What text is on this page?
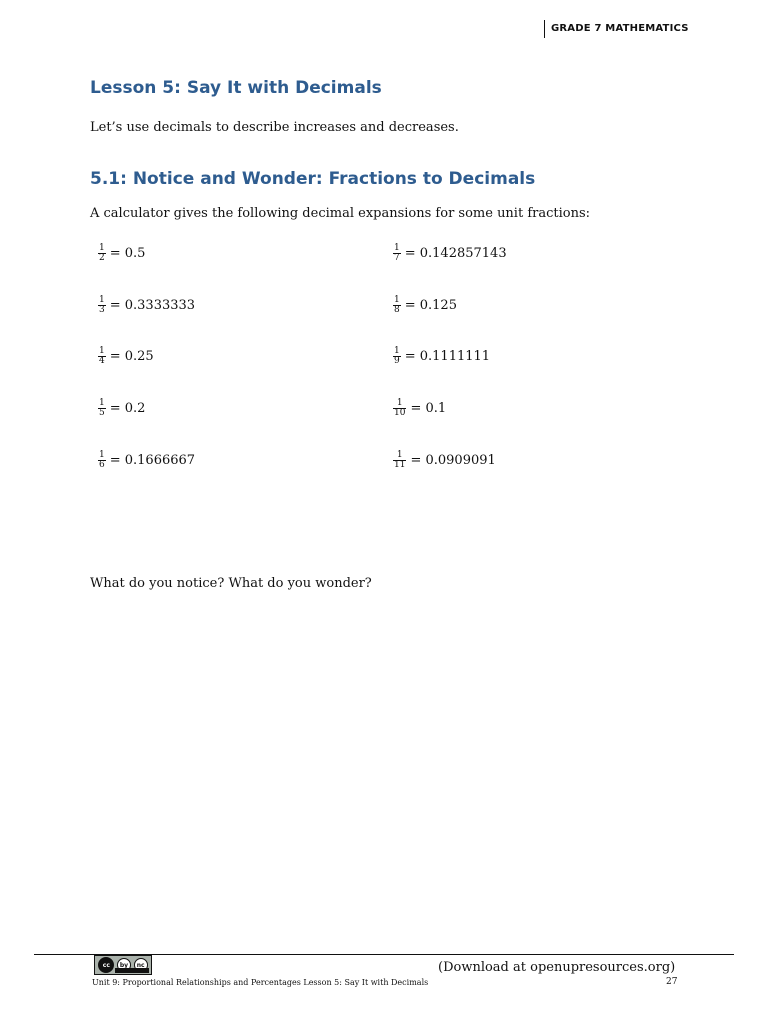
GRADE 7 MATHEMATICS
Lesson 5: Say It with Decimals

Let’s use decimals to describe increases and decreases.

5.1: Notice and Wonder: Fractions to Decimals

A calculator gives the following decimal expansions for some unit fractions:

$\frac{1}{2} = 0.5$
$\frac{1}{3} = 0.3333333$
$\frac{1}{4} = 0.25$
$\frac{1}{5} = 0.2$
$\frac{1}{6} = 0.1666667$
$\frac{1}{7} = 0.142857143$
$\frac{1}{8} = 0.125$
$\frac{1}{9} = 0.1111111$
$\frac{1}{10} = 0.1$
$\frac{1}{11} = 0.0909091$

What do you notice? What do you wonder?

cc	by	nc	(Download at openupresources.org)
Unit 9: Proportional Relationships and Percentages Lesson 5: Say It with Decimals	27
